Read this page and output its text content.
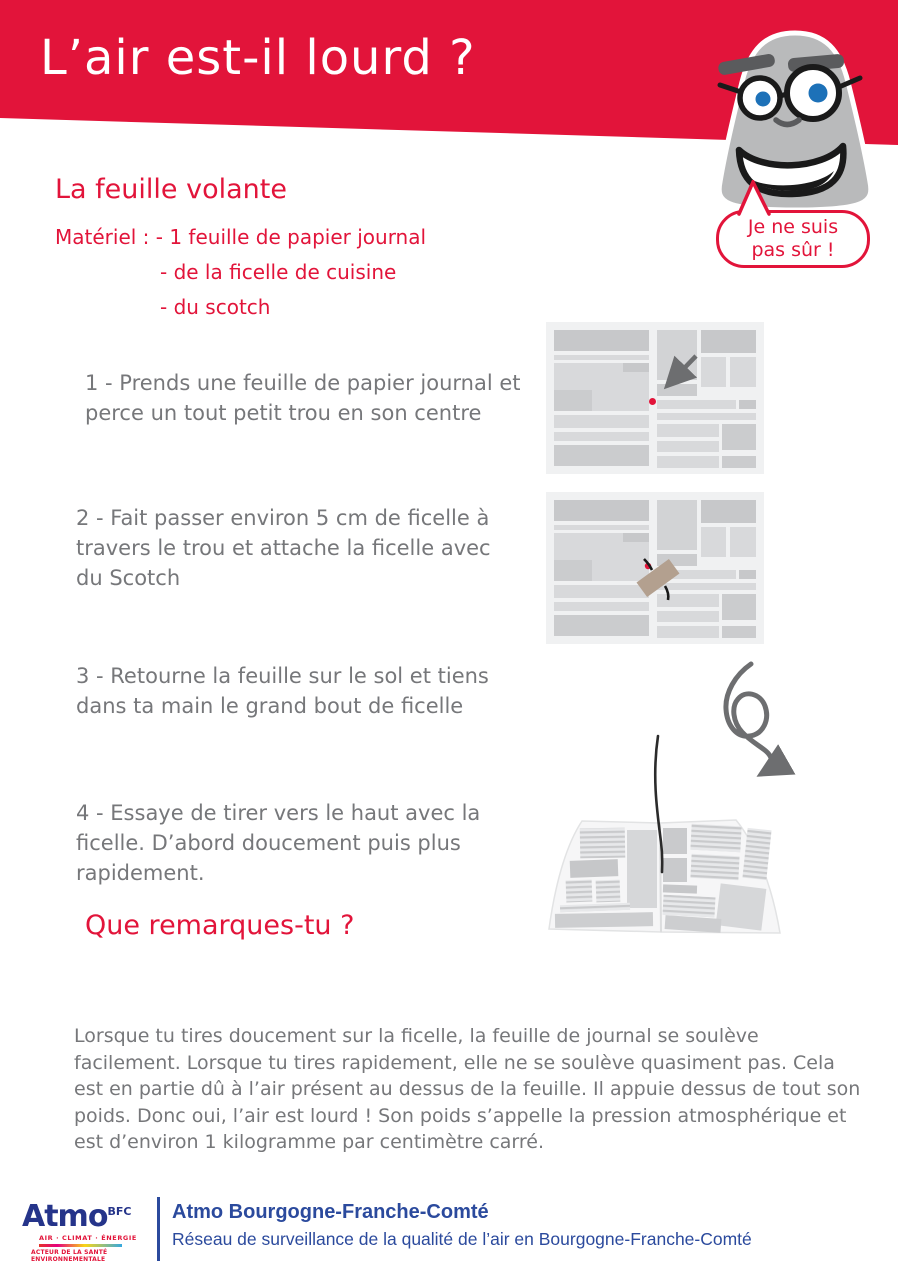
L’air est-il lourd ?
Je ne suis
pas sûr !
La feuille volante
Matériel : - 1 feuille de papier journal
- de la ficelle de cuisine
- du scotch
1 - Prends une feuille de papier journal et perce un tout petit trou en son centre
2 - Fait passer environ 5 cm de ficelle à travers le trou et attache la ficelle avec du Scotch
3 - Retourne la feuille sur le sol et tiens dans ta main le grand bout de ficelle
4 - Essaye de tirer vers le haut avec la ficelle. D’abord doucement puis plus rapidement.
Que remarques-tu ?
Lorsque tu tires doucement sur la ficelle, la feuille de journal se soulève facilement. Lorsque tu tires rapidement, elle ne se soulève quasiment pas. Cela est en partie dû à l’air présent au dessus de la feuille. Il appuie dessus de tout son poids. Donc oui, l’air est lourd ! Son poids s’appelle la pression atmosphérique et est d’environ 1 kilogramme par centimètre carré.
Atmo$^{BFC}$
AIR · CLIMAT · ÉNERGIE
ACTEUR DE LA SANTÉ ENVIRONNEMENTALE
Atmo Bourgogne-Franche-Comté
Réseau de surveillance de la qualité de l’air en Bourgogne-Franche-Comté
